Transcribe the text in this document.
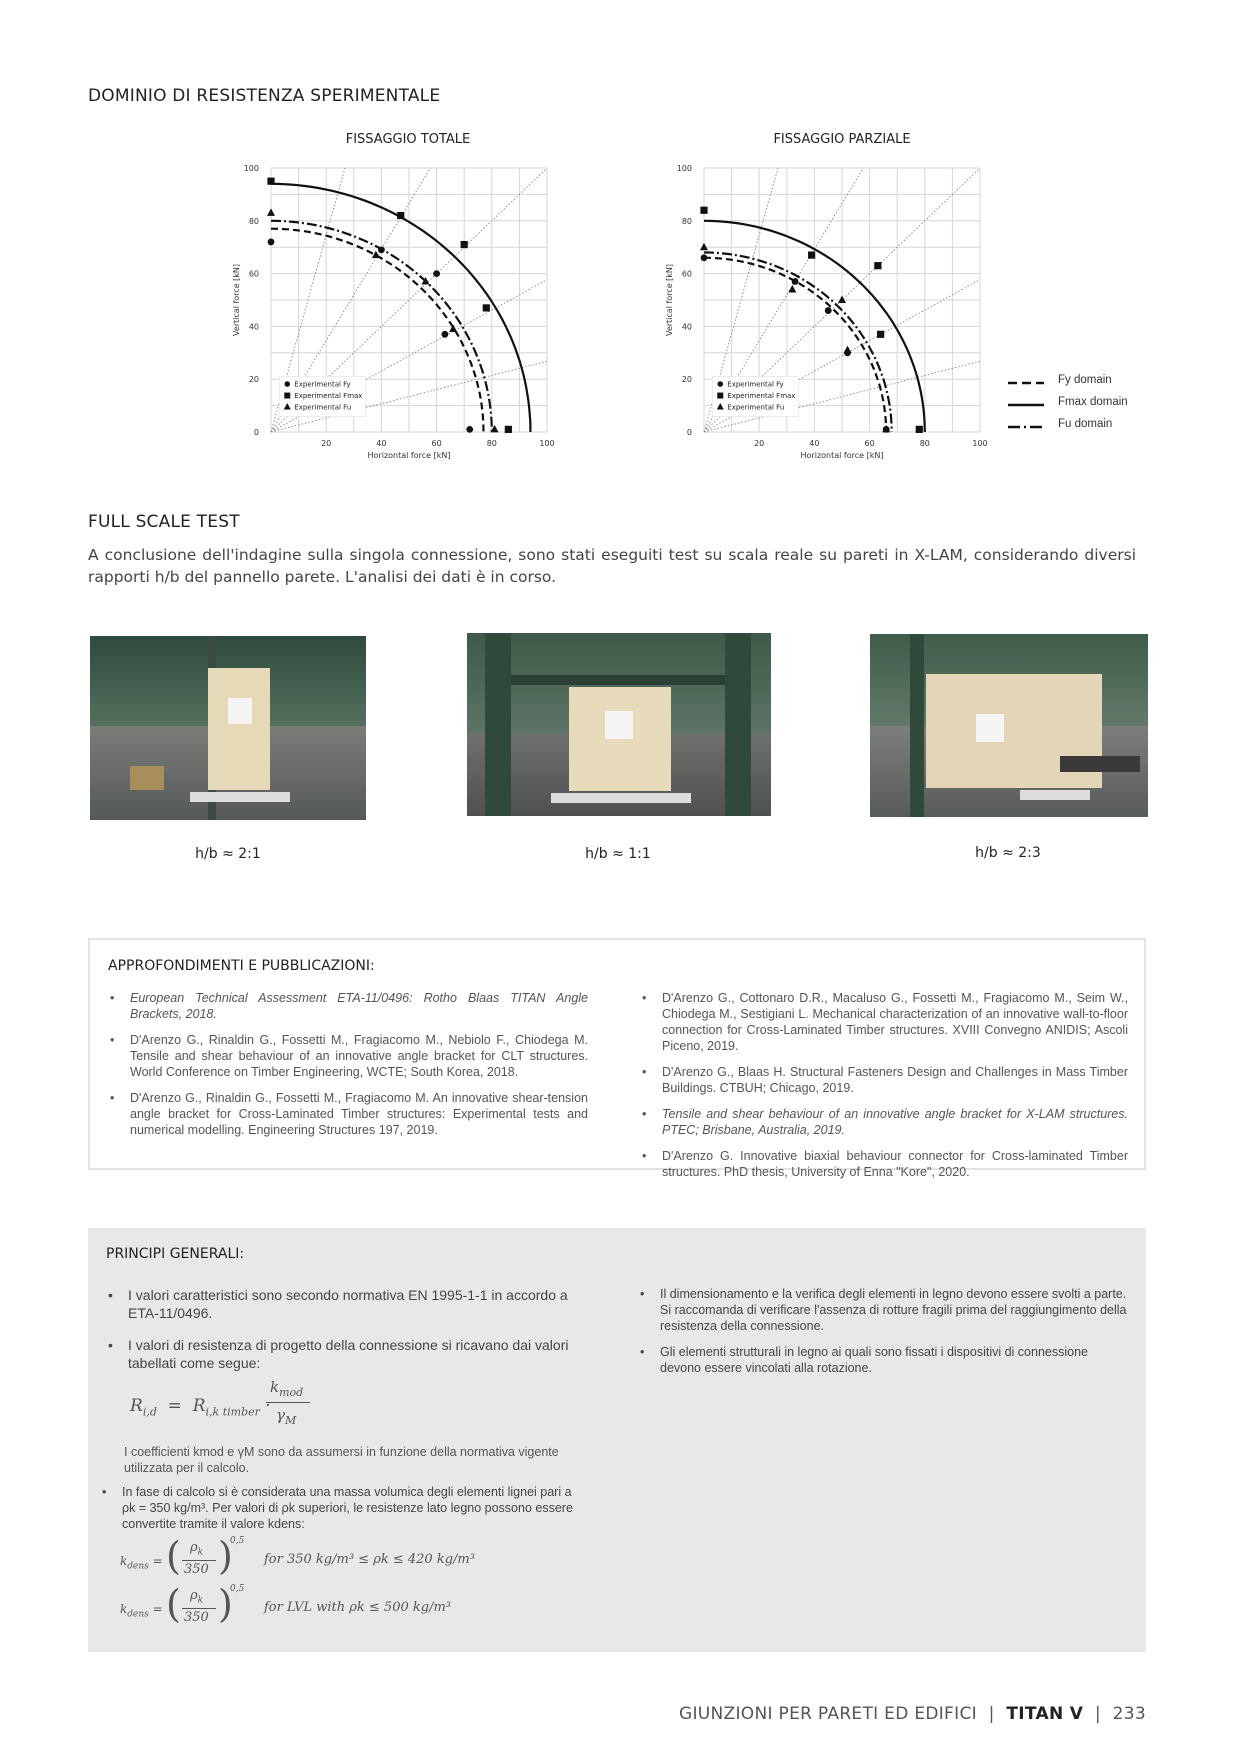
DOMINIO DI RESISTENZA SPERIMENTALE
FISSAGGIO TOTALE
0
20
40
60
80
100
20	40	60	80	100
Horizontal force [kN]
Vertical force [kN]
Experimental Fy
Experimental Fmax
Experimental Fu
FISSAGGIO PARZIALE
0
20
40
60
80
100
20	40	60	80	100
Horizontal force [kN]
Vertical force [kN]
Experimental Fy
Experimental Fmax
Experimental Fu
Fy domain
Fmax domain
Fu domain
FULL SCALE TEST
A conclusione dell'indagine sulla singola connessione, sono stati eseguiti test su scala reale su pareti in X-LAM, considerando diversi rapporti h/b del pannello parete. L'analisi dei dati è in corso.
h/b ≈ 2:1	h/b ≈ 1:1	h/b ≈ 2:3
APPROFONDIMENTI E PUBBLICAZIONI:
• European Technical Assessment ETA-11/0496: Rotho Blaas TITAN Angle Brackets, 2018.
• D'Arenzo G., Rinaldin G., Fossetti M., Fragiacomo M., Nebiolo F., Chiodega M. Tensile and shear behaviour of an innovative angle bracket for CLT structures. World Conference on Timber Engineering, WCTE; South Korea, 2018.
• D'Arenzo G., Rinaldin G., Fossetti M., Fragiacomo M. An innovative shear-tension angle bracket for Cross-Laminated Timber structures: Experimental tests and numerical modelling. Engineering Structures 197, 2019.
• D'Arenzo G., Cottonaro D.R., Macaluso G., Fossetti M., Fragiacomo M., Seim W., Chiodega M., Sestigiani L. Mechanical characterization of an innovative wall-to-floor connection for Cross-Laminated Timber structures. XVIII Convegno ANIDIS; Ascoli Piceno, 2019.
• D'Arenzo G., Blaas H. Structural Fasteners Design and Challenges in Mass Timber Buildings. CTBUH; Chicago, 2019.
• Tensile and shear behaviour of an innovative angle bracket for X-LAM structures. PTEC; Brisbane, Australia, 2019.
• D'Arenzo G. Innovative biaxial behaviour connector for Cross-laminated Timber structures. PhD thesis, University of Enna "Kore", 2020.
PRINCIPI GENERALI:
• I valori caratteristici sono secondo normativa EN 1995-1-1 in accordo a ETA-11/0496.
• I valori di resistenza di progetto della connessione si ricavano dai valori tabellati come segue:
$R_{i,d} = R_{i,k timber}$ ·
$k_{mod}$
$\gamma_M$
I coefficienti kmod e γM sono da assumersi in funzione della normativa vigente utilizzata per il calcolo.
• In fase di calcolo si è considerata una massa volumica degli elementi lignei pari a ρk = 350 kg/m³. Per valori di ρk superiori, le resistenze lato legno possono essere convertite tramite il valore kdens:
$k_{dens}$ = ( $\rho_k$
350 )
0,5
for 350 kg/m³ ≤ ρk ≤ 420 kg/m³
$k_{dens}$ = ( $\rho_k$
350 )
0,5
for LVL with ρk ≤ 500 kg/m³
• Il dimensionamento e la verifica degli elementi in legno devono essere svolti a parte. Si raccomanda di verificare l'assenza di rotture fragili prima del raggiungimento della resistenza della connessione.
• Gli elementi strutturali in legno ai quali sono fissati i dispositivi di connessione devono essere vincolati alla rotazione.
GIUNZIONI PER PARETI ED EDIFICI | TITAN V | 233
